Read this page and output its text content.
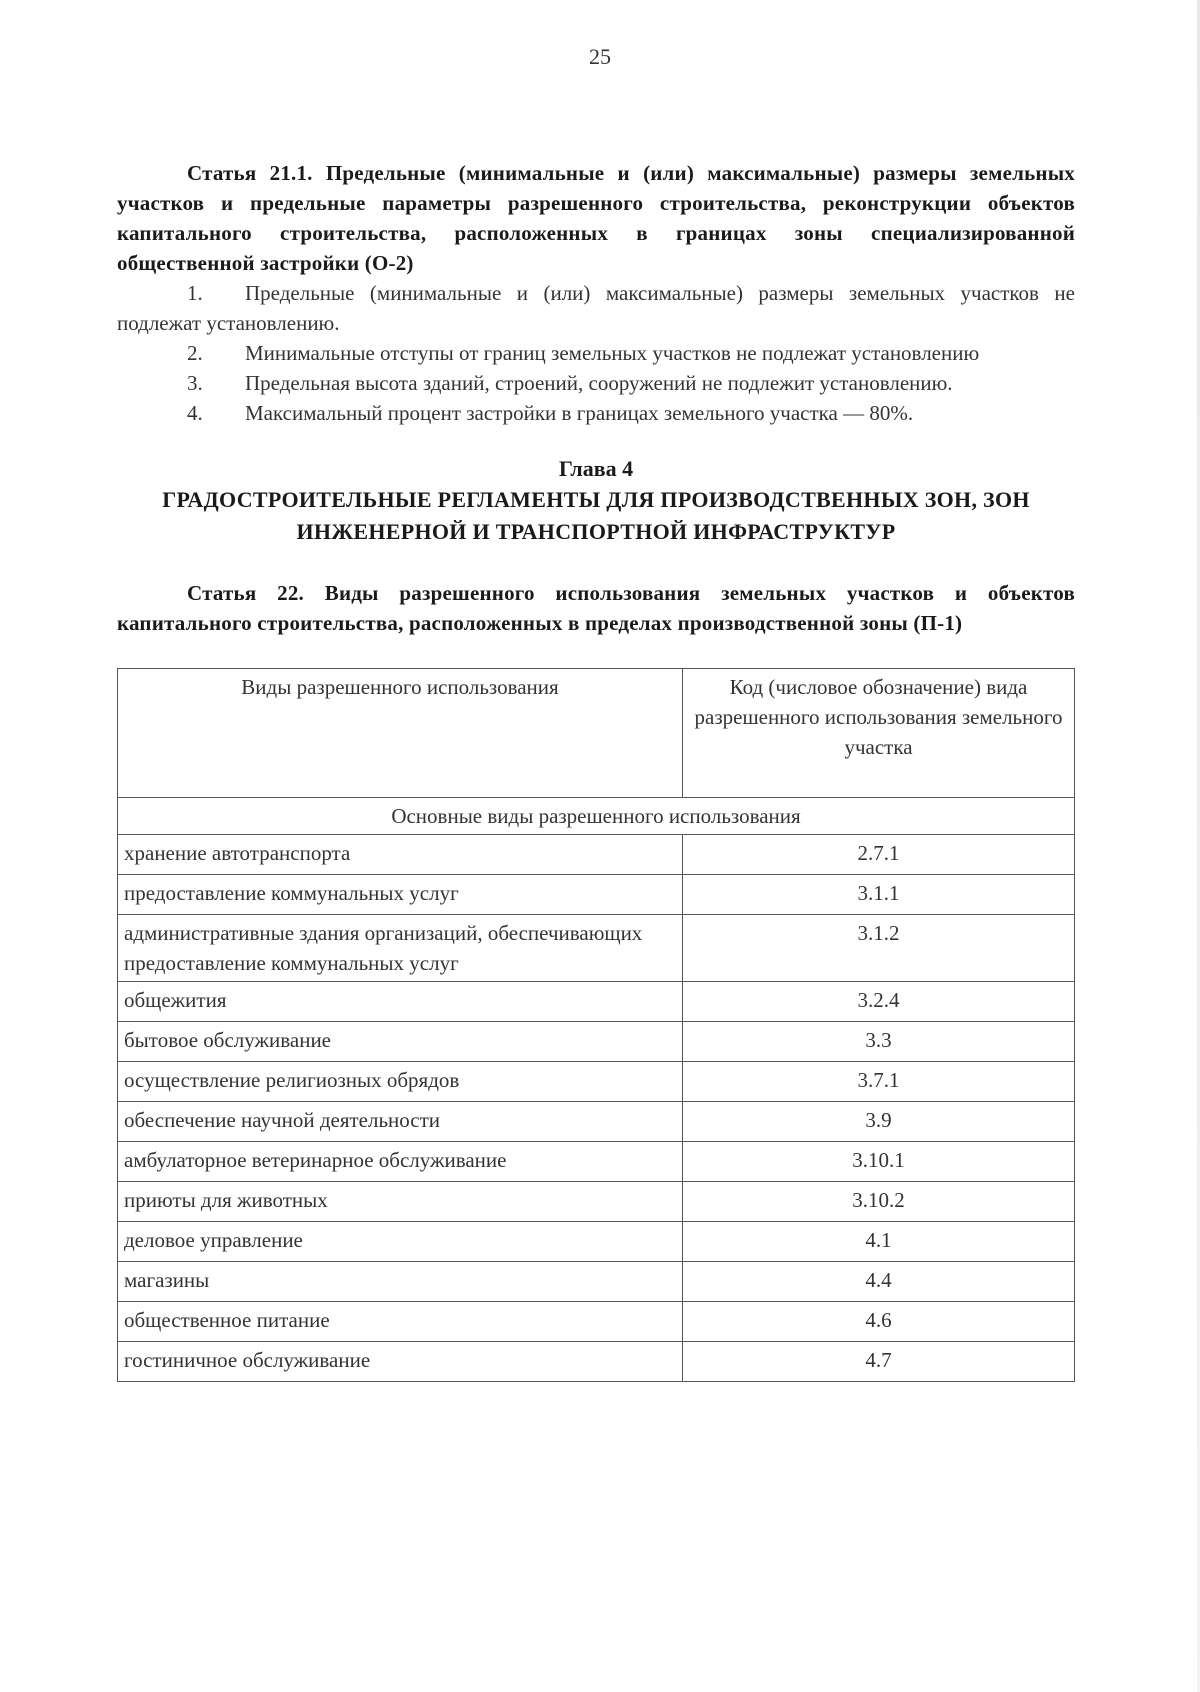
25

Статья 21.1. Предельные (минимальные и (или) максимальные) размеры земельных участков и предельные параметры разрешенного строительства, реконструкции объектов капитального строительства, расположенных в границах зоны специализированной общественной застройки (О-2)

1. Предельные (минимальные и (или) максимальные) размеры земельных участков не подлежат установлению.

2. Минимальные отступы от границ земельных участков не подлежат установлению

3. Предельная высота зданий, строений, сооружений не подлежит установлению.

4. Максимальный процент застройки в границах земельного участка — 80%.

Глава 4
ГРАДОСТРОИТЕЛЬНЫЕ РЕГЛАМЕНТЫ ДЛЯ ПРОИЗВОДСТВЕННЫХ ЗОН, ЗОН ИНЖЕНЕРНОЙ И ТРАНСПОРТНОЙ ИНФРАСТРУКТУР

Статья 22. Виды разрешенного использования земельных участков и объектов капитального строительства, расположенных в пределах производственной зоны (П-1)

Виды разрешенного использования	Код (числовое обозначение) вида разрешенного использования земельного участка
Основные виды разрешенного использования	
хранение автотранспорта	2.7.1
предоставление коммунальных услуг	3.1.1
административные здания организаций, обеспечивающих предоставление коммунальных услуг	3.1.2
общежития	3.2.4
бытовое обслуживание	3.3
осуществление религиозных обрядов	3.7.1
обеспечение научной деятельности	3.9
амбулаторное ветеринарное обслуживание	3.10.1
приюты для животных	3.10.2
деловое управление	4.1
магазины	4.4
общественное питание	4.6
гостиничное обслуживание	4.7
